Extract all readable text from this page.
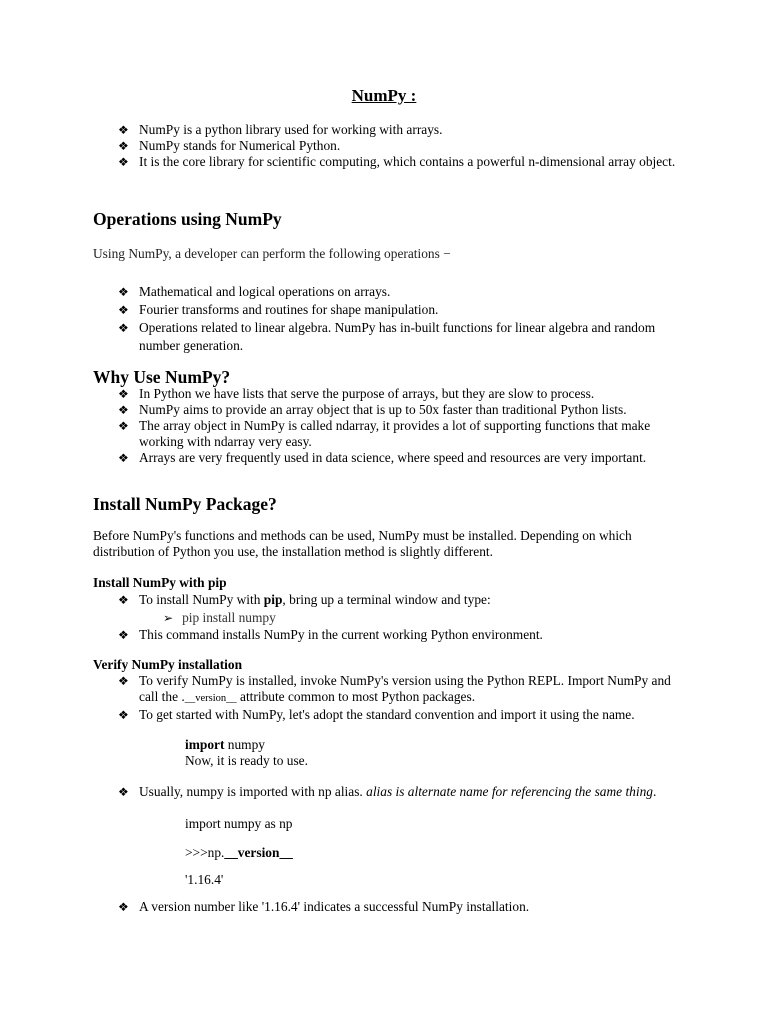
NumPy :
❖ NumPy is a python library used for working with arrays.
❖ NumPy stands for Numerical Python.
❖ It is the core library for scientific computing, which contains a powerful n-dimensional array object.
Operations using NumPy

Using NumPy, a developer can perform the following operations −

❖ Mathematical and logical operations on arrays.
❖ Fourier transforms and routines for shape manipulation.
❖ Operations related to linear algebra. NumPy has in-built functions for linear algebra and random number generation.
Why Use NumPy?
❖ In Python we have lists that serve the purpose of arrays, but they are slow to process.
❖ NumPy aims to provide an array object that is up to 50x faster than traditional Python lists.
❖ The array object in NumPy is called ndarray, it provides a lot of supporting functions that make working with ndarray very easy.
❖ Arrays are very frequently used in data science, where speed and resources are very important.
Install NumPy Package?

Before NumPy's functions and methods can be used, NumPy must be installed. Depending on which distribution of Python you use, the installation method is slightly different.

Install NumPy with pip
❖ To install NumPy with pip, bring up a terminal window and type:
➢ pip install numpy
❖ This command installs NumPy in the current working Python environment.
Verify NumPy installation
❖ To verify NumPy is installed, invoke NumPy's version using the Python REPL. Import NumPy and call the .__version__ attribute common to most Python packages.
❖ To get started with NumPy, let's adopt the standard convention and import it using the name.
import numpy
Now, it is ready to use.
❖ Usually, numpy is imported with np alias. alias is alternate name for referencing the same thing.
import numpy as np
>>>np.__version__
'1.16.4'
❖ A version number like '1.16.4' indicates a successful NumPy installation.
